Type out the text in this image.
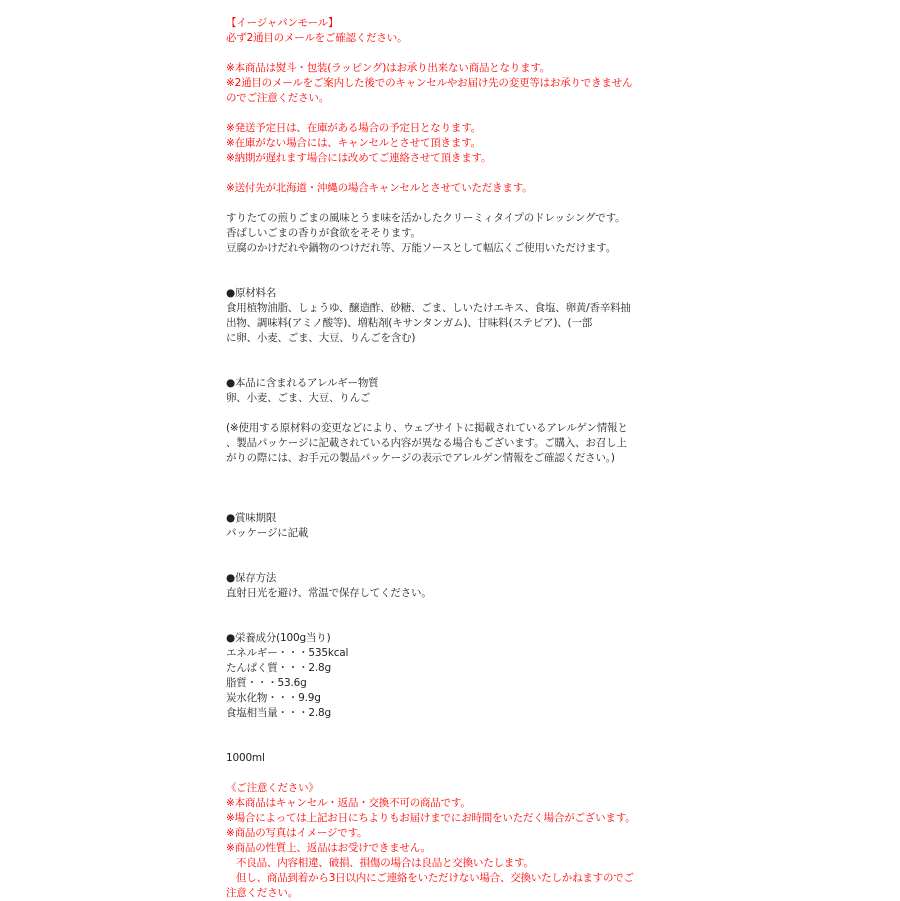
【イージャパンモール】
必ず2通目のメールをご確認ください。
※本商品は熨斗・包装(ラッピング)はお承り出来ない商品となります。
※2通目のメールをご案内した後でのキャンセルやお届け先の変更等はお承りできません
のでご注意ください。
※発送予定日は、在庫がある場合の予定日となります。
※在庫がない場合には、キャンセルとさせて頂きます。
※納期が遅れます場合には改めてご連絡させて頂きます。
※送付先が北海道・沖縄の場合キャンセルとさせていただきます。
すりたての煎りごまの風味とうま味を活かしたクリーミィタイプのドレッシングです。
香ばしいごまの香りが食欲をそそります。
豆腐のかけだれや鍋物のつけだれ等、万能ソースとして幅広くご使用いただけます。
●原材料名
食用植物油脂、しょうゆ、醸造酢、砂糖、ごま、しいたけエキス、食塩、卵黄/香辛料抽
出物、調味料(アミノ酸等)、増粘剤(キサンタンガム)、甘味料(ステビア)、(一部
に卵、小麦、ごま、大豆、りんごを含む)
●本品に含まれるアレルギー物質
卵、小麦、ごま、大豆、りんご
(※使用する原材料の変更などにより、ウェブサイトに掲載されているアレルゲン情報と
、製品パッケージに記載されている内容が異なる場合もございます。ご購入、お召し上
がりの際には、お手元の製品パッケージの表示でアレルゲン情報をご確認ください。)
●賞味期限
パッケージに記載
●保存方法
直射日光を避け、常温で保存してください。
●栄養成分(100g当り)
エネルギー・・・535kcal
たんぱく質・・・2.8g
脂質・・・53.6g
炭水化物・・・9.9g
食塩相当量・・・2.8g
1000ml
《ご注意ください》
※本商品はキャンセル・返品・交換不可の商品です。
※場合によっては上記お日にちよりもお届けまでにお時間をいただく場合がございます。
※商品の写真はイメージです。
※商品の性質上、返品はお受けできません。
不良品、内容相違、破損、損傷の場合は良品と交換いたします。
但し、商品到着から3日以内にご連絡をいただけない場合、交換いたしかねますのでご
注意ください。
